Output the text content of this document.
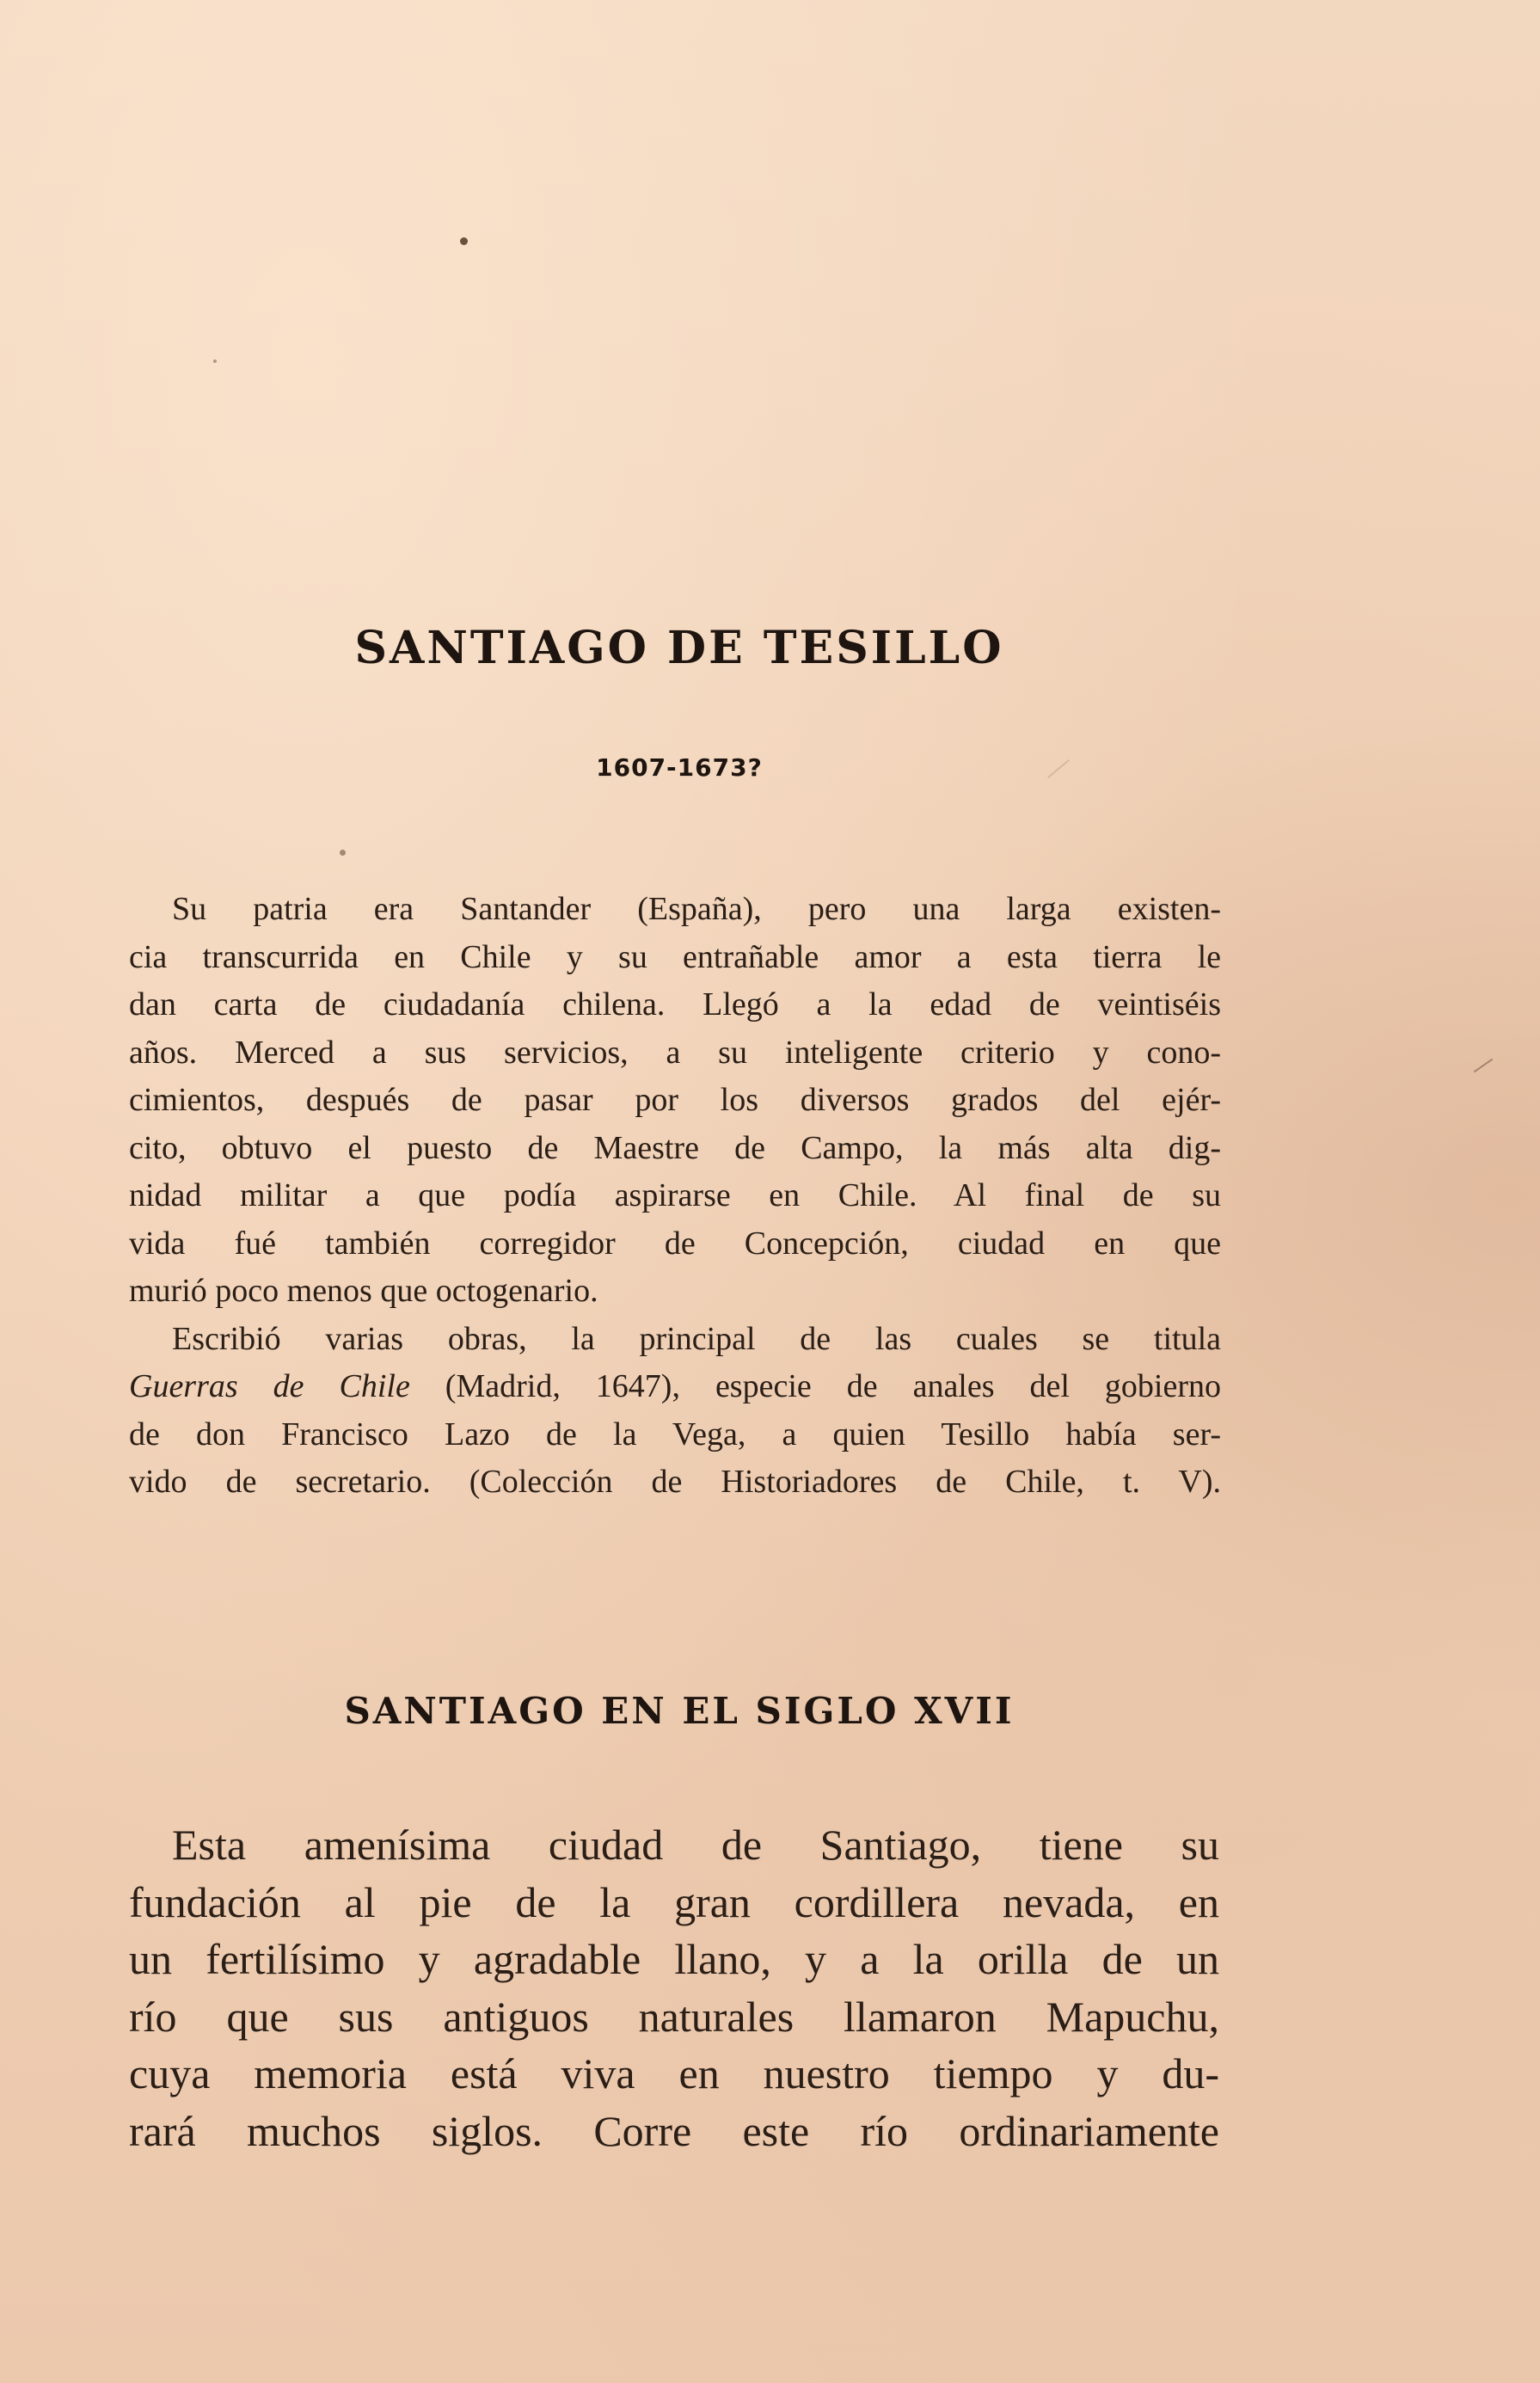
SANTIAGO DE TESILLO
1607-1673?
Su patria era Santander (España), pero una larga existen-
cia transcurrida en Chile y su entrañable amor a esta tierra le
dan carta de ciudadanía chilena. Llegó a la edad de veintiséis
años. Merced a sus servicios, a su inteligente criterio y cono-
cimientos, después de pasar por los diversos grados del ejér-
cito, obtuvo el puesto de Maestre de Campo, la más alta dig-
nidad militar a que podía aspirarse en Chile. Al final de su
vida fué también corregidor de Concepción, ciudad en que
murió poco menos que octogenario.
Escribió varias obras, la principal de las cuales se titula
Guerras de Chile (Madrid, 1647), especie de anales del gobierno
de don Francisco Lazo de la Vega, a quien Tesillo había ser-
vido de secretario. (Colección de Historiadores de Chile, t. V).
SANTIAGO EN EL SIGLO XVII
Esta amenísima ciudad de Santiago, tiene su
fundación al pie de la gran cordillera nevada, en
un fertilísimo y agradable llano, y a la orilla de un
río que sus antiguos naturales llamaron Mapuchu,
cuya memoria está viva en nuestro tiempo y du-
rará muchos siglos. Corre este río ordinariamente
